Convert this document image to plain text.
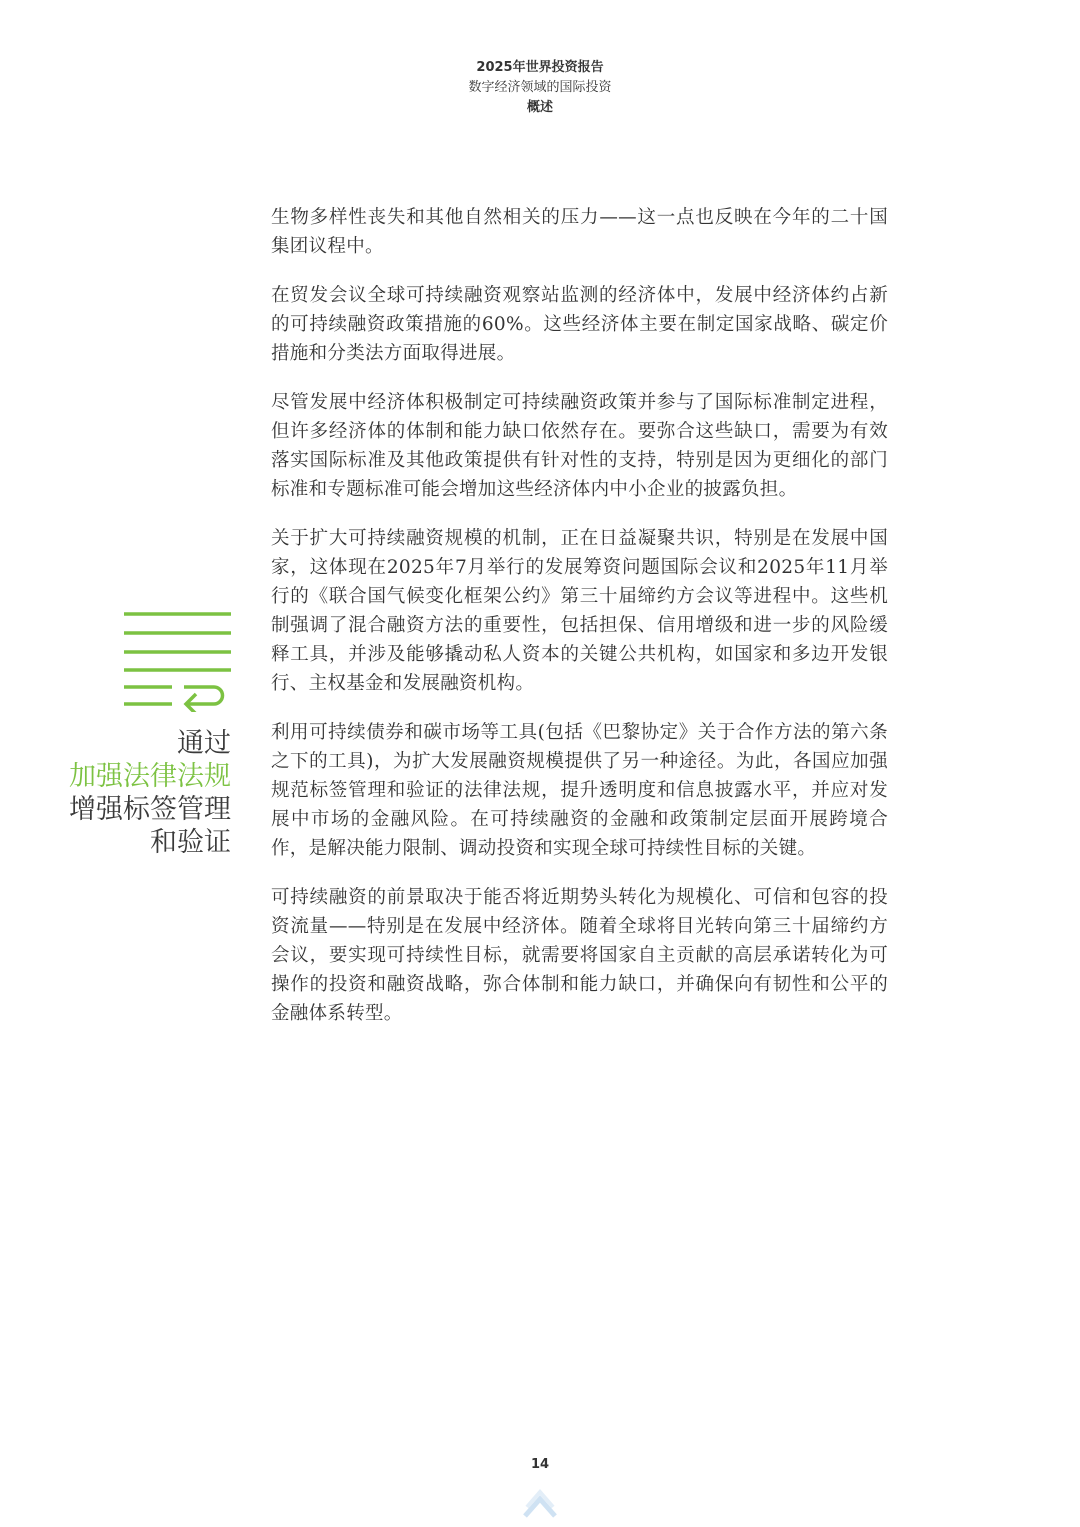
2025年世界投资报告
数字经济领域的国际投资
概述

生物多样性丧失和其他自然相关的压力——这一点也反映在今年的二十国集团议程中。

在贸发会议全球可持续融资观察站监测的经济体中，发展中经济体约占新的可持续融资政策措施的60%。这些经济体主要在制定国家战略、碳定价措施和分类法方面取得进展。

尽管发展中经济体积极制定可持续融资政策并参与了国际标准制定进程，但许多经济体的体制和能力缺口依然存在。要弥合这些缺口，需要为有效落实国际标准及其他政策提供有针对性的支持，特别是因为更细化的部门标准和专题标准可能会增加这些经济体内中小企业的披露负担。

关于扩大可持续融资规模的机制，正在日益凝聚共识，特别是在发展中国家，这体现在2025年7月举行的发展筹资问题国际会议和2025年11月举行的《联合国气候变化框架公约》第三十届缔约方会议等进程中。这些机制强调了混合融资方法的重要性，包括担保、信用增级和进一步的风险缓释工具，并涉及能够撬动私人资本的关键公共机构，如国家和多边开发银行、主权基金和发展融资机构。

利用可持续债券和碳市场等工具(包括《巴黎协定》关于合作方法的第六条之下的工具)，为扩大发展融资规模提供了另一种途径。为此，各国应加强规范标签管理和验证的法律法规，提升透明度和信息披露水平，并应对发展中市场的金融风险。在可持续融资的金融和政策制定层面开展跨境合作，是解决能力限制、调动投资和实现全球可持续性目标的关键。

可持续融资的前景取决于能否将近期势头转化为规模化、可信和包容的投资流量——特别是在发展中经济体。随着全球将目光转向第三十届缔约方会议，要实现可持续性目标，就需要将国家自主贡献的高层承诺转化为可操作的投资和融资战略，弥合体制和能力缺口，并确保向有韧性和公平的金融体系转型。

通过
加强法律法规
增强标签管理
和验证
14
